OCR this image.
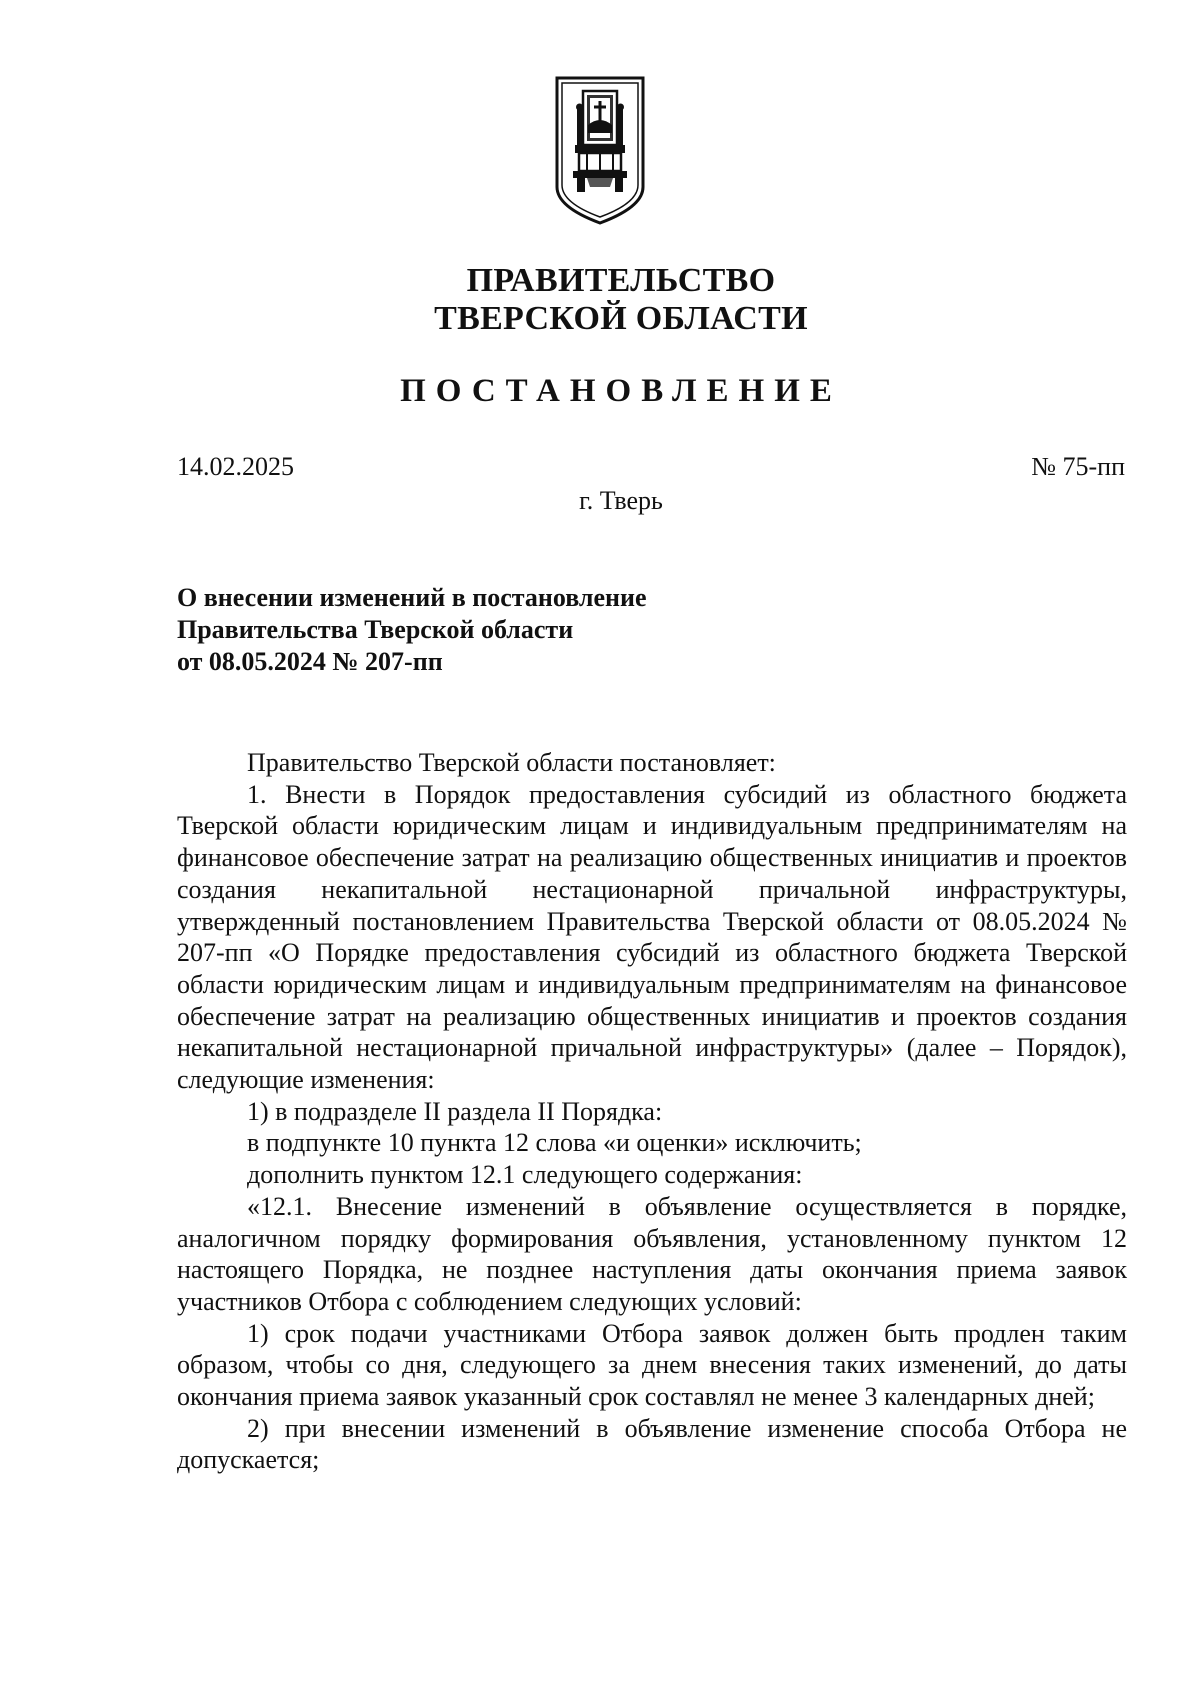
ПРАВИТЕЛЬСТВО
ТВЕРСКОЙ ОБЛАСТИ
ПОСТАНОВЛЕНИЕ
14.02.2025	№ 75-пп
г. Тверь
О внесении изменений в постановление
Правительства Тверской области
от 08.05.2024 № 207-пп

Правительство Тверской области постановляет:

1. Внести в Порядок предоставления субсидий из областного бюджета Тверской области юридическим лицам и индивидуальным предпринимателям на финансовое обеспечение затрат на реализацию общественных инициатив и проектов создания некапитальной нестационарной причальной инфраструктуры, утвержденный постановлением Правительства Тверской области от 08.05.2024 № 207-пп «О Порядке предоставления субсидий из областного бюджета Тверской области юридическим лицам и индивидуальным предпринимателям на финансовое обеспечение затрат на реализацию общественных инициатив и проектов создания некапитальной нестационарной причальной инфраструктуры» (далее – Порядок), следующие изменения:

1) в подразделе II раздела II Порядка:

в подпункте 10 пункта 12 слова «и оценки» исключить;

дополнить пунктом 12.1 следующего содержания:

«12.1. Внесение изменений в объявление осуществляется в порядке, аналогичном порядку формирования объявления, установленному пунктом 12 настоящего Порядка, не позднее наступления даты окончания приема заявок участников Отбора с соблюдением следующих условий:

1) срок подачи участниками Отбора заявок должен быть продлен таким образом, чтобы со дня, следующего за днем внесения таких изменений, до даты окончания приема заявок указанный срок составлял не менее 3 календарных дней;

2) при внесении изменений в объявление изменение способа Отбора не допускается;
